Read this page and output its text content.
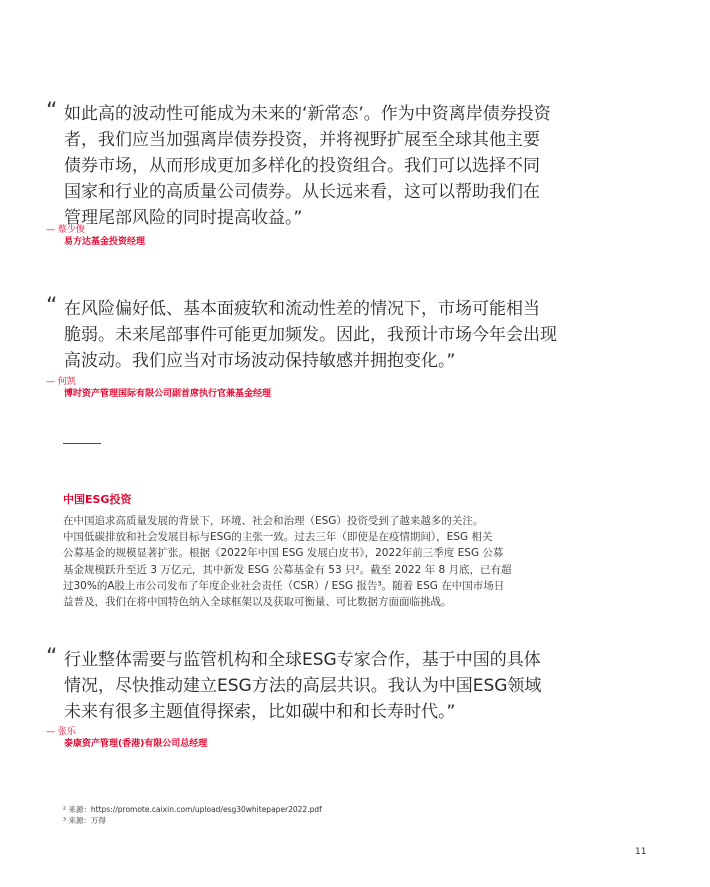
“ 如此高的波动性可能成为未来的‘新常态’。作为中资离岸债券投资
者，我们应当加强离岸债券投资，并将视野扩展至全球其他主要
债券市场，从而形成更加多样化的投资组合。我们可以选择不同
国家和行业的高质量公司债券。从长远来看，这可以帮助我们在
管理尾部风险的同时提高收益。”
— 蔡少俊
易方达基金投资经理
“ 在风险偏好低、基本面疲软和流动性差的情况下，市场可能相当
脆弱。未来尾部事件可能更加频发。因此，我预计市场今年会出现
高波动。我们应当对市场波动保持敏感并拥抱变化。”
— 何凯
博时资产管理国际有限公司副首席执行官兼基金经理
中国ESG投资
在中国追求高质量发展的背景下，环境、社会和治理（ESG）投资受到了越来越多的关注。
中国低碳排放和社会发展目标与ESG的主张一致。过去三年（即使是在疫情期间），ESG 相关
公募基金的规模显著扩张。根据《2022年中国 ESG 发展白皮书》，2022年前三季度 ESG 公募
基金规模跃升至近 3 万亿元，其中新发 ESG 公募基金有 53 只²。截至 2022 年 8 月底，已有超
过30%的A股上市公司发布了年度企业社会责任（CSR）/ ESG 报告³。随着 ESG 在中国市场日
益普及，我们在将中国特色纳入全球框架以及获取可衡量、可比数据方面面临挑战。
“ 行业整体需要与监管机构和全球ESG专家合作，基于中国的具体
情况，尽快推动建立ESG方法的高层共识。我认为中国ESG领域
未来有很多主题值得探索，比如碳中和和长寿时代。”
— 张乐
泰康资产管理(香港)有限公司总经理
² 来源：https://promote.caixin.com/upload/esg30whitepaper2022.pdf
³ 来源：万得
11
